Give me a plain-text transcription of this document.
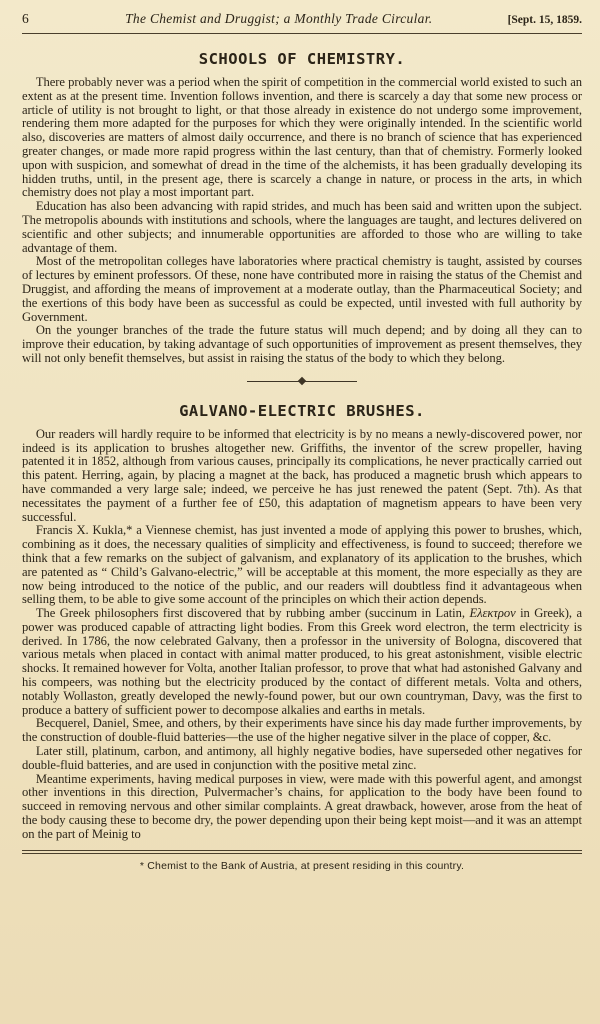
6	The Chemist and Druggist; a Monthly Trade Circular.	[Sept. 15, 1859.
SCHOOLS OF CHEMISTRY.

There probably never was a period when the spirit of competition in the commercial world existed to such an extent as at the present time. Invention follows invention, and there is scarcely a day that some new process or article of utility is not brought to light, or that those already in existence do not undergo some improvement, rendering them more adapted for the purposes for which they were originally intended. In the scientific world also, discoveries are matters of almost daily occurrence, and there is no branch of science that has experienced greater changes, or made more rapid progress within the last century, than that of chemistry. Formerly looked upon with suspicion, and somewhat of dread in the time of the alchemists, it has been gradually developing its hidden truths, until, in the present age, there is scarcely a change in nature, or process in the arts, in which chemistry does not play a most important part.

Education has also been advancing with rapid strides, and much has been said and written upon the subject. The metropolis abounds with institutions and schools, where the languages are taught, and lectures delivered on scientific and other subjects; and innumerable opportunities are afforded to those who are willing to take advantage of them.

Most of the metropolitan colleges have laboratories where practical chemistry is taught, assisted by courses of lectures by eminent professors. Of these, none have contributed more in raising the status of the Chemist and Druggist, and affording the means of improvement at a moderate outlay, than the Pharmaceutical Society; and the exertions of this body have been as successful as could be expected, until invested with full authority by Government.

On the younger branches of the trade the future status will much depend; and by doing all they can to improve their education, by taking advantage of such opportunities of improvement as present themselves, they will not only benefit themselves, but assist in raising the status of the body to which they belong.

GALVANO-ELECTRIC BRUSHES.

Our readers will hardly require to be informed that electricity is by no means a newly-discovered power, nor indeed is its application to brushes altogether new. Griffiths, the inventor of the screw propeller, having patented it in 1852, although from various causes, principally its complications, he never practically carried out this patent. Herring, again, by placing a magnet at the back, has produced a magnetic brush which appears to have commanded a very large sale; indeed, we perceive he has just renewed the patent (Sept. 7th). As that necessitates the payment of a further fee of £50, this adaptation of magnetism appears to have been very successful.

Francis X. Kukla,* a Viennese chemist, has just invented a mode of applying this power to brushes, which, combining as it does, the necessary qualities of simplicity and effectiveness, is found to succeed; therefore we think that a few remarks on the subject of galvanism, and explanatory of its application to the brushes, which are patented as “ Child’s Galvano-electric,” will be acceptable at this moment, the more especially as they are now being introduced to the notice of the public, and our readers will doubtless find it advantageous when selling them, to be able to give some account of the principles on which their action depends.

The Greek philosophers first discovered that by rubbing amber (succinum in Latin, Ελεκτρον in Greek), a power was produced capable of attracting light bodies. From this Greek word electron, the term electricity is derived. In 1786, the now celebrated Galvany, then a professor in the university of Bologna, discovered that various metals when placed in contact with animal matter produced, to his great astonishment, visible electric shocks. It remained however for Volta, another Italian professor, to prove that what had astonished Galvany and his compeers, was nothing but the electricity produced by the contact of different metals. Volta and others, notably Wollaston, greatly developed the newly-found power, but our own countryman, Davy, was the first to produce a battery of sufficient power to decompose alkalies and earths in metals.

Becquerel, Daniel, Smee, and others, by their experiments have since his day made further improvements, by the construction of double-fluid batteries—the use of the higher negative silver in the place of copper, &c.

Later still, platinum, carbon, and antimony, all highly negative bodies, have superseded other negatives for double-fluid batteries, and are used in conjunction with the positive metal zinc.

Meantime experiments, having medical purposes in view, were made with this powerful agent, and amongst other inventions in this direction, Pulvermacher’s chains, for application to the body have been found to succeed in removing nervous and other similar complaints. A great drawback, however, arose from the heat of the body causing these to become dry, the power depending upon their being kept moist—and it was an attempt on the part of Meinig to

* Chemist to the Bank of Austria, at present residing in this country.
